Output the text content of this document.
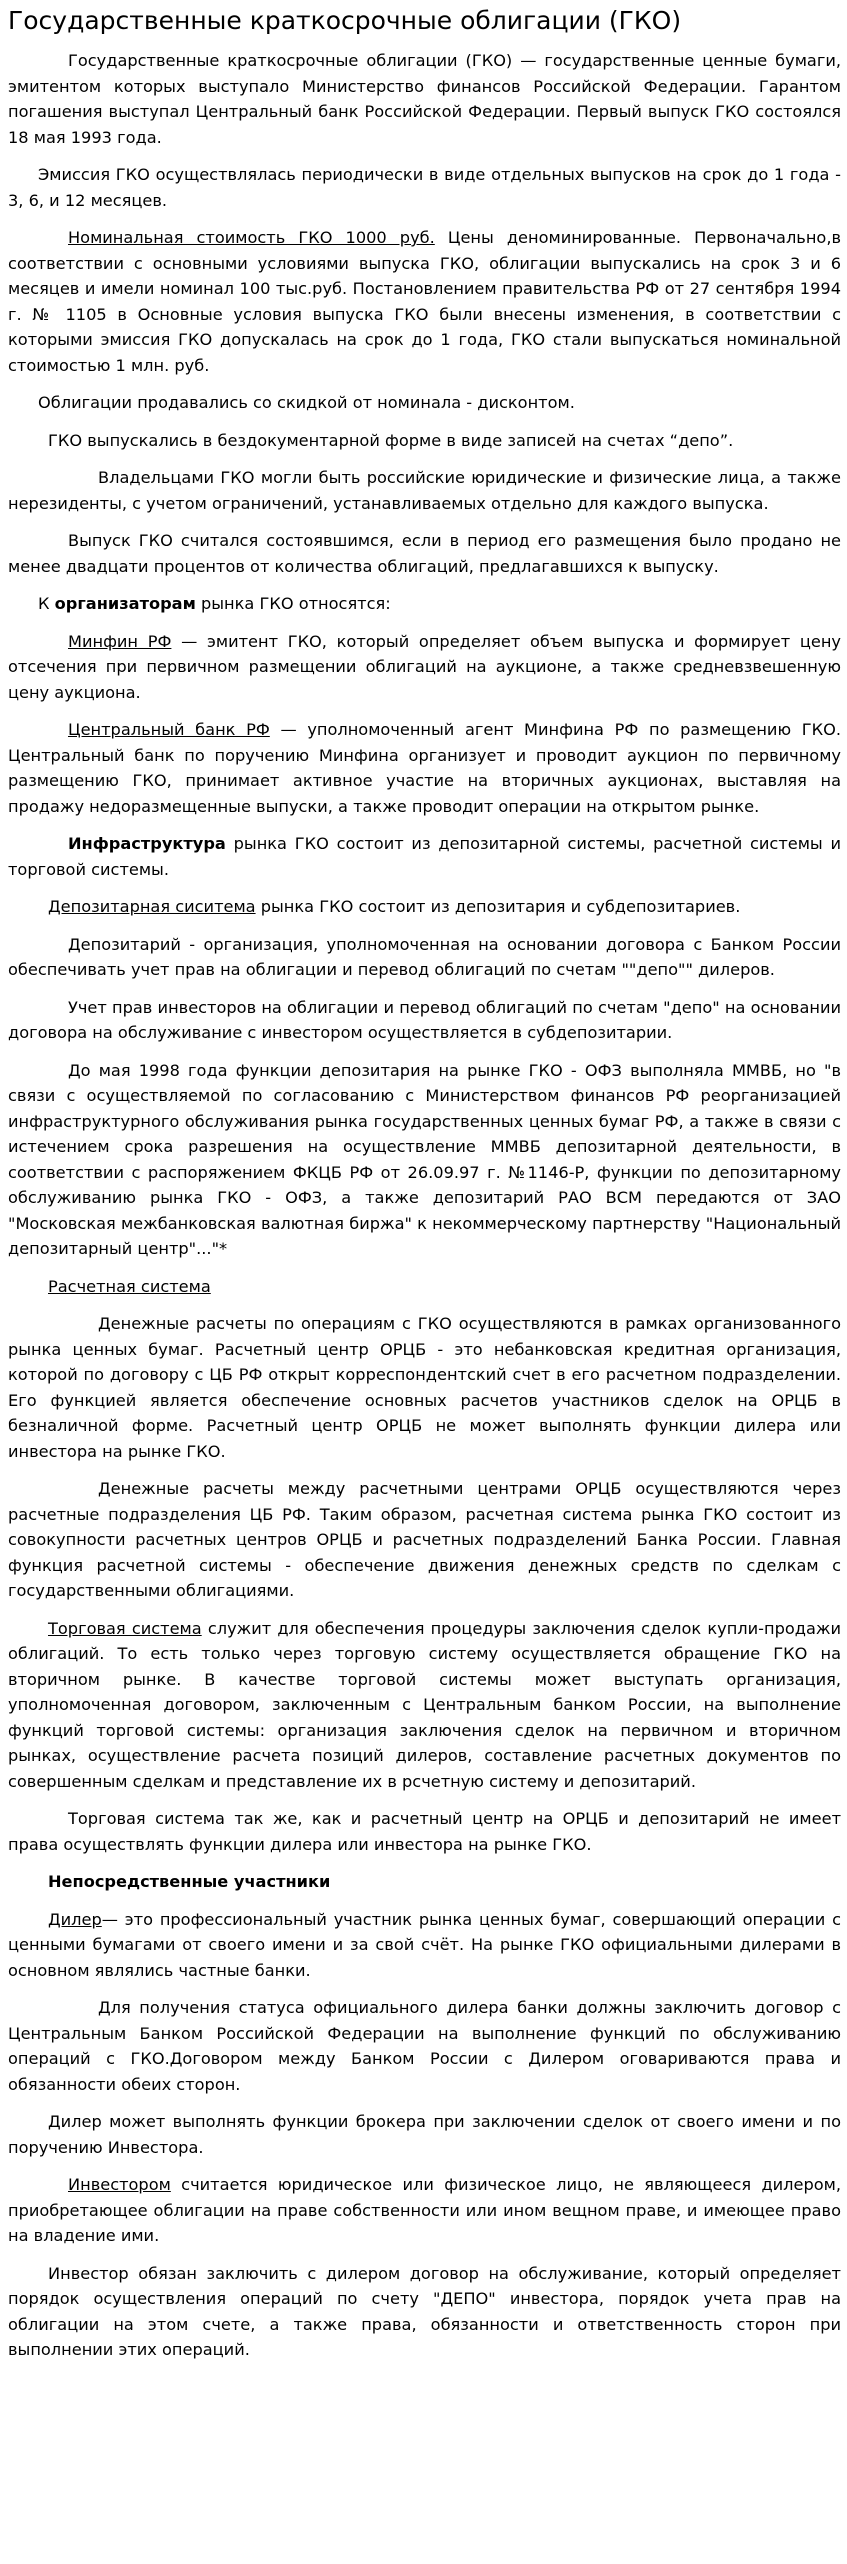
Государственные краткосрочные облигации (ГКО)

Государственные краткосрочные облигации (ГКО) — государственные ценные бумаги, эмитентом которых выступало Министерство финансов Российской Федерации. Гарантом погашения выступал Центральный банк Российской Федерации. Первый выпуск ГКО состоялся 18 мая 1993 года.

Эмиссия ГКО осуществлялась периодически в виде отдельных выпусков на срок до 1 года - 3, 6, и 12 месяцев.

Номинальная стоимость ГКО 1000 руб. Цены деноминированные. Первоначально,в соответствии с основными условиями выпуска ГКО, облигации выпускались на срок 3 и 6 месяцев и имели номинал 100 тыс.руб. Постановлением правительства РФ от 27 сентября 1994 г. № 1105 в Основные условия выпуска ГКО были внесены изменения, в соответствии с которыми эмиссия ГКО допускалась на срок до 1 года, ГКО стали выпускаться номинальной стоимостью 1 млн. руб.

Облигации продавались со скидкой от номинала - дисконтом.

ГКО выпускались в бездокументарной форме в виде записей на счетах “депо”.

Владельцами ГКО могли быть российские юридические и физические лица, а также нерезиденты, с учетом ограничений, устанавливаемых отдельно для каждого выпуска.

Выпуск ГКО считался состоявшимся, если в период его размещения было продано не менее двадцати процентов от количества облигаций, предлагавшихся к выпуску.

К организаторам рынка ГКО относятся:

Минфин РФ — эмитент ГКО, который определяет объем выпуска и формирует цену отсечения при первичном размещении облигаций на аукционе, а также средневзвешенную цену аукциона.

Центральный банк РФ — уполномоченный агент Минфина РФ по размещению ГКО. Центральный банк по поручению Минфина организует и проводит аукцион по первичному размещению ГКО, принимает активное участие на вторичных аукционах, выставляя на продажу недоразмещенные выпуски, а также проводит операции на открытом рынке.

Инфраструктура рынка ГКО состоит из депозитарной системы, расчетной системы и торговой системы.

Депозитарная сиситема рынка ГКО состоит из депозитария и субдепозитариев.

Депозитарий - организация, уполномоченная на основании договора с Банком России обеспечивать учет прав на облигации и перевод облигаций по счетам ""депо"" дилеров.

Учет прав инвесторов на облигации и перевод облигаций по счетам "депо" на основании договора на обслуживание с инвестором осуществляется в субдепозитарии.

До мая 1998 года функции депозитария на рынке ГКО - ОФЗ выполняла ММВБ, но "в связи с осуществляемой по согласованию с Министерством финансов РФ реорганизацией инфраструктурного обслуживания рынка государственных ценных бумаг РФ, а также в связи с истечением срока разрешения на осуществление ММВБ депозитарной деятельности, в соответствии с распоряжением ФКЦБ РФ от 26.09.97 г. №1146-Р, функции по депозитарному обслуживанию рынка ГКО - ОФЗ, а также депозитарий РАО ВСМ передаются от ЗАО "Московская межбанковская валютная биржа" к некоммерческому партнерству "Национальный депозитарный центр"..."*

Расчетная система

Денежные расчеты по операциям с ГКО осуществляются в рамках организованного рынка ценных бумаг. Расчетный центр ОРЦБ - это небанковская кредитная организация, которой по договору с ЦБ РФ открыт корреспондентский счет в его расчетном подразделении. Его функцией является обеспечение основных расчетов участников сделок на ОРЦБ в безналичной форме. Расчетный центр ОРЦБ не может выполнять функции дилера или инвестора на рынке ГКО.

Денежные расчеты между расчетными центрами ОРЦБ осуществляются через расчетные подразделения ЦБ РФ. Таким образом, расчетная система рынка ГКО состоит из совокупности расчетных центров ОРЦБ и расчетных подразделений Банка России. Главная функция расчетной системы - обеспечение движения денежных средств по сделкам с государственными облигациями.

Торговая система служит для обеспечения процедуры заключения сделок купли-продажи облигаций. То есть только через торговую систему осуществляется обращение ГКО на вторичном рынке. В качестве торговой системы может выступать организация, уполномоченная договором, заключенным с Центральным банком России, на выполнение функций торговой системы: организация заключения сделок на первичном и вторичном рынках, осуществление расчета позиций дилеров, составление расчетных документов по совершенным сделкам и представление их в рсчетную систему и депозитарий.

Торговая система так же, как и расчетный центр на ОРЦБ и депозитарий не имеет права осуществлять функции дилера или инвестора на рынке ГКО.

Непосредственные участники

Дилер— это профессиональный участник рынка ценных бумаг, совершающий операции с ценными бумагами от своего имени и за свой счёт. На рынке ГКО официальными дилерами в основном являлись частные банки.

Для получения статуса официального дилера банки должны заключить договор с Центральным Банком Российской Федерации на выполнение функций по обслуживанию операций с ГКО.Договором между Банком России с Дилером оговариваются права и обязанности обеих сторон.

Дилер может выполнять функции брокера при заключении сделок от своего имени и по поручению Инвестора.

Инвестором считается юридическое или физическое лицо, не являющееся дилером, приобретающее облигации на праве собственности или ином вещном праве, и имеющее право на владение ими.

Инвестор обязан заключить с дилером договор на обслуживание, который определяет порядок осуществления операций по счету "ДЕПО" инвестора, порядок учета прав на облигации на этом счете, а также права, обязанности и ответственность сторон при выполнении этих операций.
